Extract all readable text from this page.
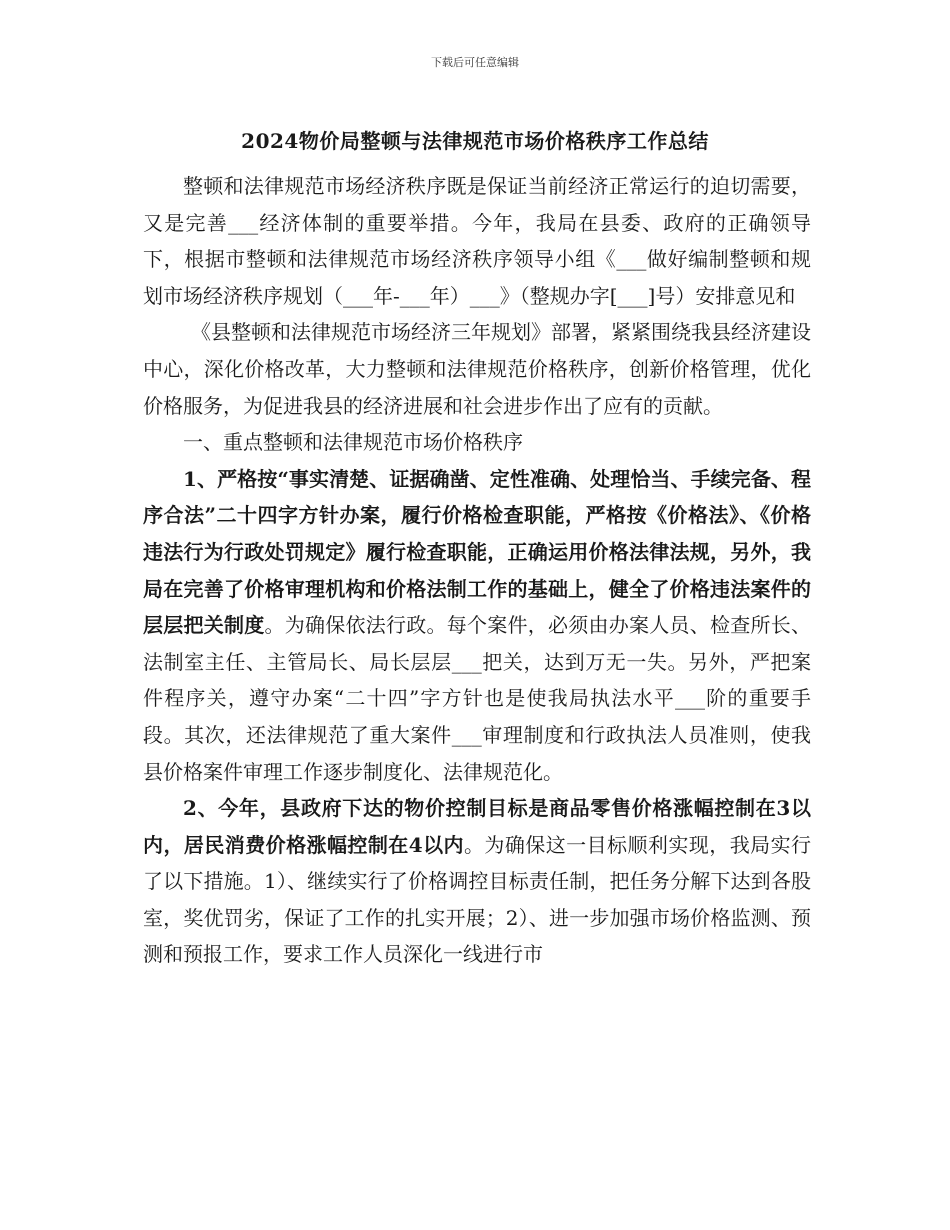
下载后可任意编辑
2024物价局整顿与法律规范市场价格秩序工作总结

整顿和法律规范市场经济秩序既是保证当前经济正常运行的迫切需要，又是完善___经济体制的重要举措。今年，我局在县委、政府的正确领导下，根据市整顿和法律规范市场经济秩序领导小组《___做好编制整顿和规划市场经济秩序规划（___年-___年）___》（整规办字[___]号）安排意见和

《县整顿和法律规范市场经济三年规划》部署，紧紧围绕我县经济建设中心，深化价格改革，大力整顿和法律规范价格秩序，创新价格管理，优化价格服务，为促进我县的经济进展和社会进步作出了应有的贡献。

一、重点整顿和法律规范市场价格秩序

1、严格按“事实清楚、证据确凿、定性准确、处理恰当、手续完备、程序合法”二十四字方针办案，履行价格检查职能，严格按《价格法》、《价格违法行为行政处罚规定》履行检查职能，正确运用价格法律法规，另外，我局在完善了价格审理机构和价格法制工作的基础上，健全了价格违法案件的层层把关制度。为确保依法行政。每个案件，必须由办案人员、检查所长、法制室主任、主管局长、局长层层___把关，达到万无一失。另外，严把案件程序关，遵守办案“二十四”字方针也是使我局执法水平___阶的重要手段。其次，还法律规范了重大案件___审理制度和行政执法人员准则，使我县价格案件审理工作逐步制度化、法律规范化。

2、今年，县政府下达的物价控制目标是商品零售价格涨幅控制在3以内，居民消费价格涨幅控制在4以内。为确保这一目标顺利实现，我局实行了以下措施。1）、继续实行了价格调控目标责任制，把任务分解下达到各股室，奖优罚劣，保证了工作的扎实开展；2）、进一步加强市场价格监测、预测和预报工作，要求工作人员深化一线进行市
